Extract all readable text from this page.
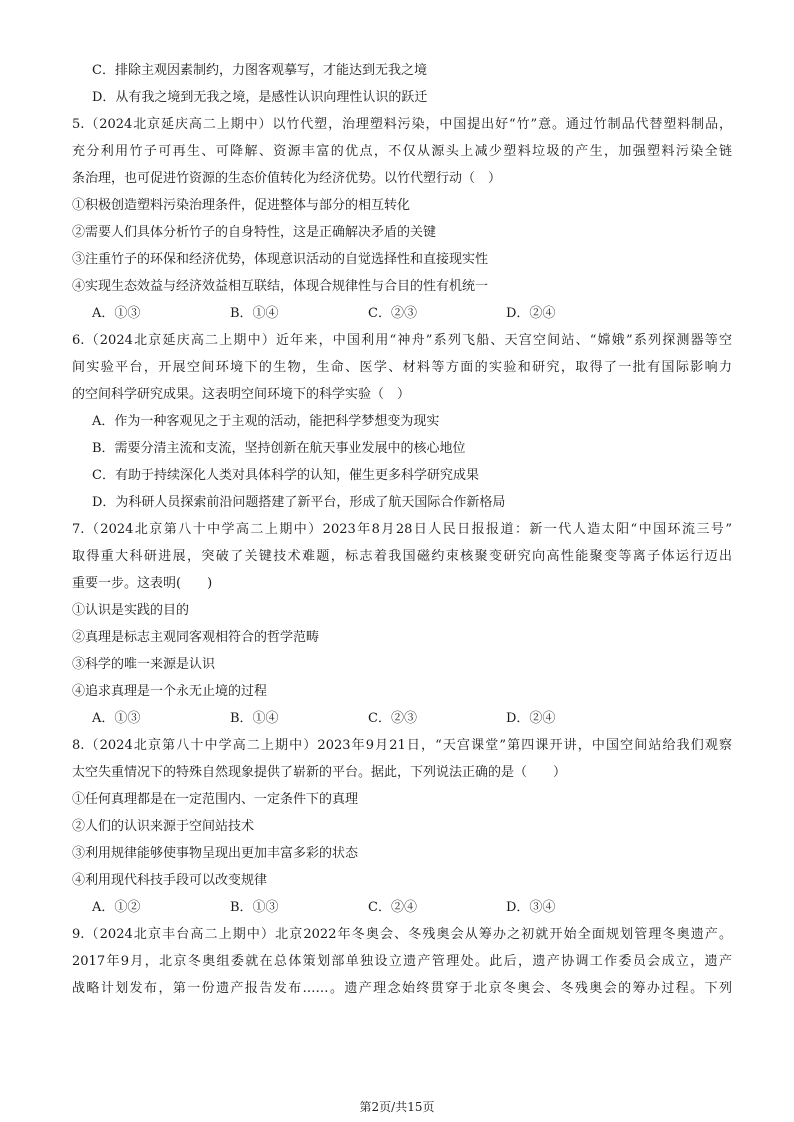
C．排除主观因素制约，力图客观摹写，才能达到无我之境
D．从有我之境到无我之境，是感性认识向理性认识的跃迁
5.（2024北京延庆高二上期中）以竹代塑，治理塑料污染，中国提出好“竹”意。通过竹制品代替塑料制品，
充分利用竹子可再生、可降解、资源丰富的优点，不仅从源头上减少塑料垃圾的产生，加强塑料污染全链
条治理，也可促进竹资源的生态价值转化为经济优势。以竹代塑行动（　）
①积极创造塑料污染治理条件，促进整体与部分的相互转化
②需要人们具体分析竹子的自身特性，这是正确解决矛盾的关键
③注重竹子的环保和经济优势，体现意识活动的自觉选择性和直接现实性
④实现生态效益与经济效益相互联结，体现合规律性与合目的性有机统一
A．①③	B．①④	C．②③	D．②④
6.（2024北京延庆高二上期中）近年来，中国利用“神舟”系列飞船、天宫空间站、“嫦娥”系列探测器等空
间实验平台，开展空间环境下的生物，生命、医学、材料等方面的实验和研究，取得了一批有国际影响力
的空间科学研究成果。这表明空间环境下的科学实验（　）
A．作为一种客观见之于主观的活动，能把科学梦想变为现实
B．需要分清主流和支流，坚持创新在航天事业发展中的核心地位
C．有助于持续深化人类对具体科学的认知，催生更多科学研究成果
D．为科研人员探索前沿问题搭建了新平台，形成了航天国际合作新格局
7.（2024北京第八十中学高二上期中）2023年8月28日人民日报报道：新一代人造太阳“中国环流三号”
取得重大科研进展，突破了关键技术难题，标志着我国磁约束核聚变研究向高性能聚变等离子体运行迈出
重要一步。这表明(　　)
①认识是实践的目的
②真理是标志主观同客观相符合的哲学范畴
③科学的唯一来源是认识
④追求真理是一个永无止境的过程
A．①③	B．①④	C．②③	D．②④
8.（2024北京第八十中学高二上期中）2023年9月21日，“天宫课堂”第四课开讲，中国空间站给我们观察
太空失重情况下的特殊自然现象提供了崭新的平台。据此，下列说法正确的是（　　）
①任何真理都是在一定范围内、一定条件下的真理
②人们的认识来源于空间站技术
③利用规律能够使事物呈现出更加丰富多彩的状态
④利用现代科技手段可以改变规律
A．①②	B．①③	C．②④	D．③④
9.（2024北京丰台高二上期中）北京2022年冬奥会、冬残奥会从筹办之初就开始全面规划管理冬奥遗产。
2017年9月，北京冬奥组委就在总体策划部单独设立遗产管理处。此后，遗产协调工作委员会成立，遗产
战略计划发布，第一份遗产报告发布……。遗产理念始终贯穿于北京冬奥会、冬残奥会的筹办过程。下列
第2页/共15页
